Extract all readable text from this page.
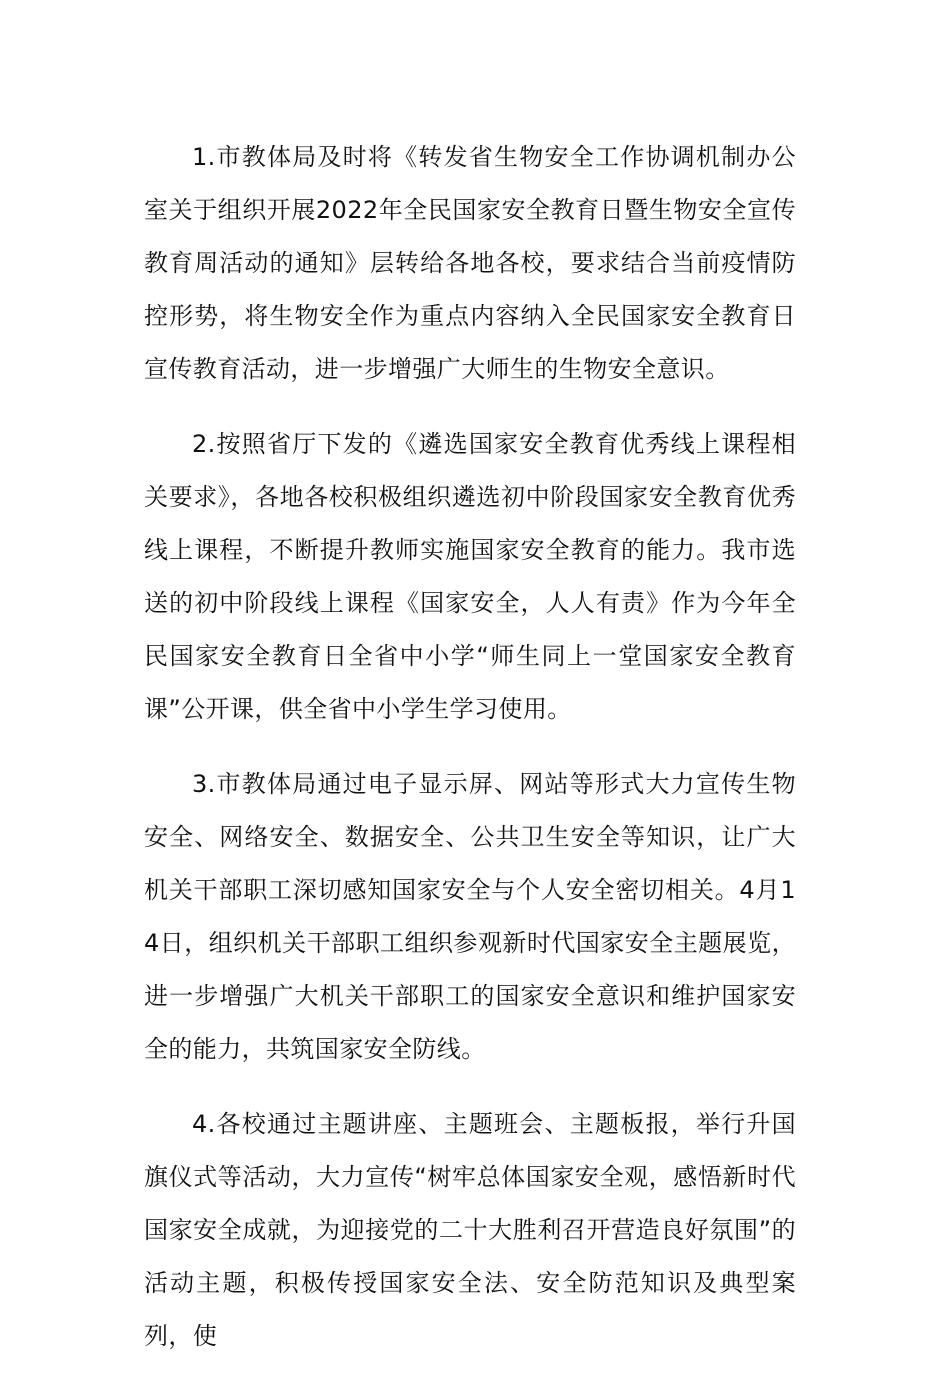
1.市教体局及时将《转发省生物安全工作协调机制办公室关于组织开展2022年全民国家安全教育日暨生物安全宣传教育周活动的通知》层转给各地各校，要求结合当前疫情防控形势，将生物安全作为重点内容纳入全民国家安全教育日宣传教育活动，进一步增强广大师生的生物安全意识。

2.按照省厅下发的《遴选国家安全教育优秀线上课程相关要求》，各地各校积极组织遴选初中阶段国家安全教育优秀线上课程，不断提升教师实施国家安全教育的能力。我市选送的初中阶段线上课程《国家安全，人人有责》作为今年全民国家安全教育日全省中小学“师生同上一堂国家安全教育课”公开课，供全省中小学生学习使用。

3.市教体局通过电子显示屏、网站等形式大力宣传生物安全、网络安全、数据安全、公共卫生安全等知识，让广大机关干部职工深切感知国家安全与个人安全密切相关。4月14日，组织机关干部职工组织参观新时代国家安全主题展览，进一步增强广大机关干部职工的国家安全意识和维护国家安全的能力，共筑国家安全防线。

4.各校通过主题讲座、主题班会、主题板报，举行升国旗仪式等活动，大力宣传“树牢总体国家安全观，感悟新时代国家安全成就，为迎接党的二十大胜利召开营造良好氛围”的活动主题，积极传授国家安全法、安全防范知识及典型案列，使
